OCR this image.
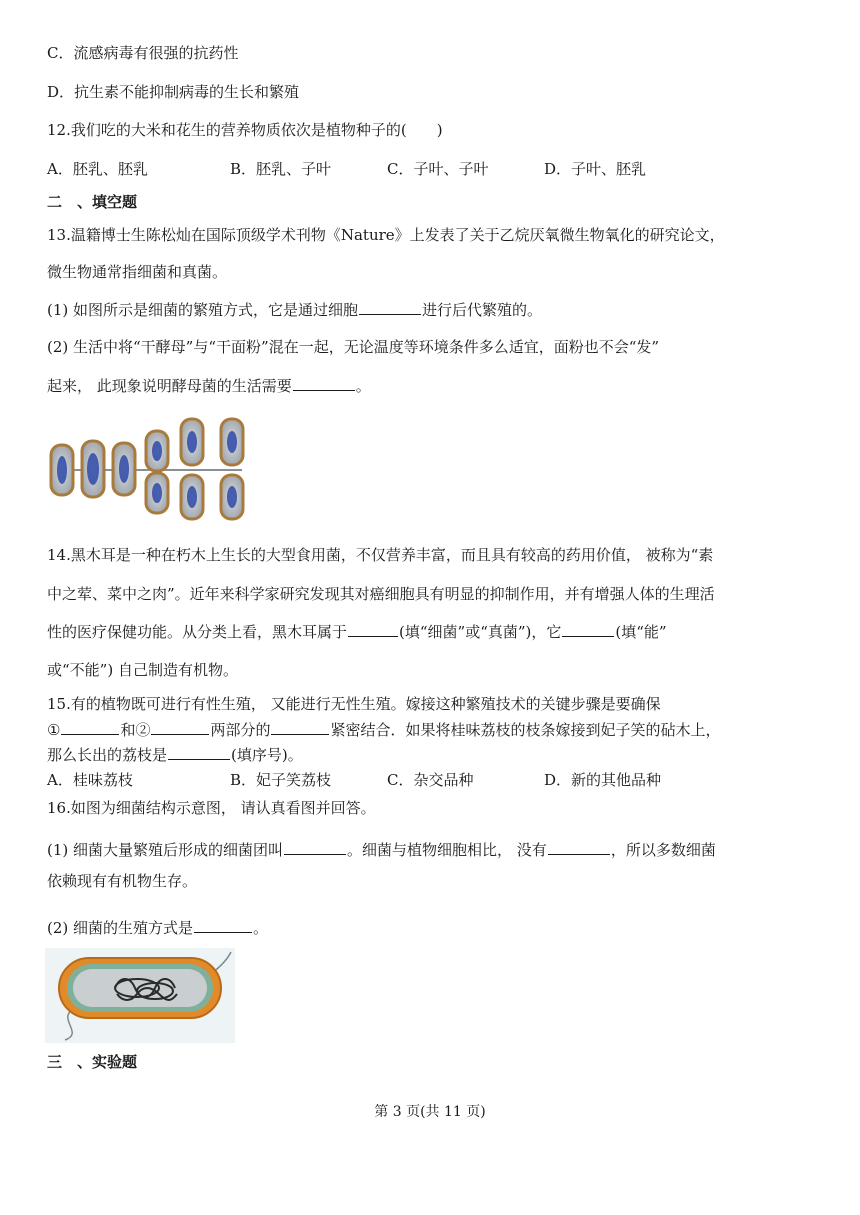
C．流感病毒有很强的抗药性
D．抗生素不能抑制病毒的生长和繁殖
12.我们吃的大米和花生的营养物质依次是植物种子的(　　)
A．胚乳、胚乳	B．胚乳、子叶	C．子叶、子叶	D．子叶、胚乳
二　、填空题
13.温籍博士生陈松灿在国际顶级学术刊物《Nature》上发表了关于乙烷厌氧微生物氧化的研究论文，
微生物通常指细菌和真菌。
(1) 如图所示是细菌的繁殖方式，它是通过细胞	进行后代繁殖的。
(2) 生活中将“干酵母”与“干面粉”混在一起，无论温度等环境条件多么适宜，面粉也不会“发”
起来， 此现象说明酵母菌的生活需要	。
14.黑木耳是一种在朽木上生长的大型食用菌，不仅营养丰富，而且具有较高的药用价值， 被称为“素
中之荤、菜中之肉”。近年来科学家研究发现其对癌细胞具有明显的抑制作用，并有增强人体的生理活
性的医疗保健功能。从分类上看，黑木耳属于	(填“细菌”或“真菌”)，它	(填“能”
或“不能”) 自己制造有机物。
15.有的植物既可进行有性生殖， 又能进行无性生殖。嫁接这种繁殖技术的关键步骤是要确保
①	和②	两部分的	紧密结合．如果将桂味荔枝的枝条嫁接到妃子笑的砧木上，
那么长出的荔枝是	(填序号)。
A．桂味荔枝	B．妃子笑荔枝	C．杂交品种	D．新的其他品种
16.如图为细菌结构示意图， 请认真看图并回答。
(1) 细菌大量繁殖后形成的细菌团叫	。细菌与植物细胞相比， 没有	，所以多数细菌
依赖现有有机物生存。
(2) 细菌的生殖方式是	。
三　、实验题
第 3 页(共 11 页)
